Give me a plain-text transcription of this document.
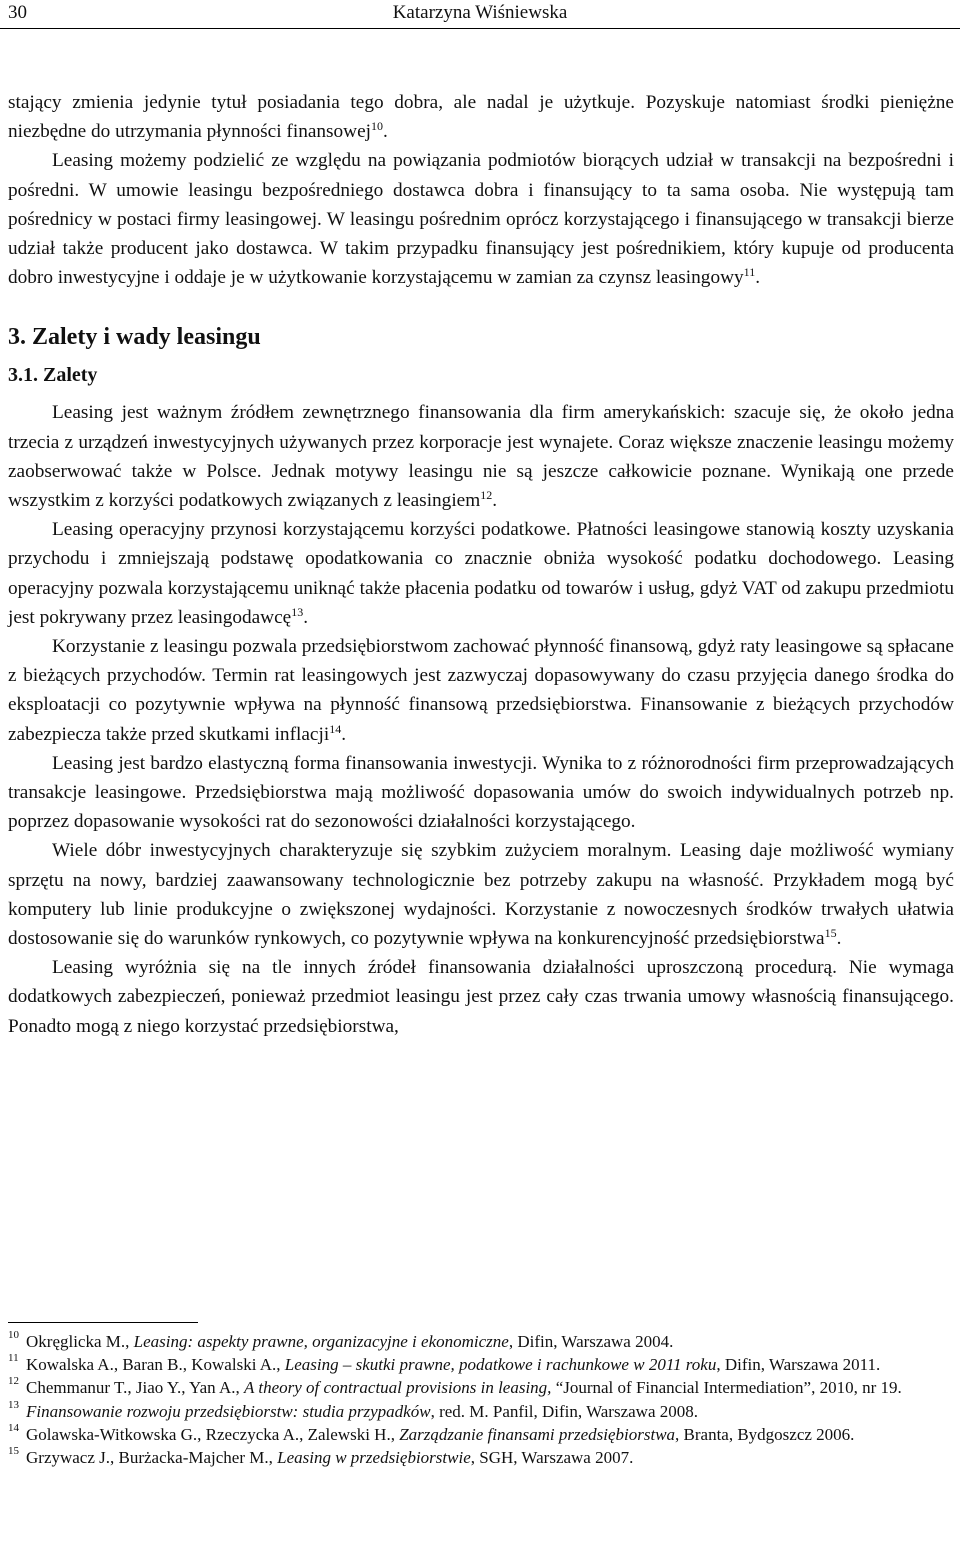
30	Katarzyna Wiśniewska

stający zmienia jedynie tytuł posiadania tego dobra, ale nadal je użytkuje. Pozyskuje natomiast środki pieniężne niezbędne do utrzymania płynności finansowej$^{10}$.

Leasing możemy podzielić ze względu na powiązania podmiotów biorących udział w transakcji na bezpośredni i pośredni. W umowie leasingu bezpośredniego dostawca dobra i finansujący to ta sama osoba. Nie występują tam pośrednicy w postaci firmy leasingowej. W leasingu pośrednim oprócz korzystającego i finansującego w transakcji bierze udział także producent jako dostawca. W takim przypadku finansujący jest pośrednikiem, który kupuje od producenta dobro inwestycyjne i oddaje je w użytkowanie korzystającemu w zamian za czynsz leasingowy$^{11}$.

3. Zalety i wady leasingu
3.1. Zalety

Leasing jest ważnym źródłem zewnętrznego finansowania dla firm amerykańskich: szacuje się, że około jedna trzecia z urządzeń inwestycyjnych używanych przez korporacje jest wynajete. Coraz większe znaczenie leasingu możemy zaobserwować także w Polsce. Jednak motywy leasingu nie są jeszcze całkowicie poznane. Wynikają one przede wszystkim z korzyści podatkowych związanych z leasingiem$^{12}$.

Leasing operacyjny przynosi korzystającemu korzyści podatkowe. Płatności leasingowe stanowią koszty uzyskania przychodu i zmniejszają podstawę opodatkowania co znacznie obniża wysokość podatku dochodowego. Leasing operacyjny pozwala korzystającemu uniknąć także płacenia podatku od towarów i usług, gdyż VAT od zakupu przedmiotu jest pokrywany przez leasingodawcę$^{13}$.

Korzystanie z leasingu pozwala przedsiębiorstwom zachować płynność finansową, gdyż raty leasingowe są spłacane z bieżących przychodów. Termin rat leasingowych jest zazwyczaj dopasowywany do czasu przyjęcia danego środka do eksploatacji co pozytywnie wpływa na płynność finansową przedsiębiorstwa. Finansowanie z bieżących przychodów zabezpiecza także przed skutkami inflacji$^{14}$.

Leasing jest bardzo elastyczną forma finansowania inwestycji. Wynika to z różnorodności firm przeprowadzających transakcje leasingowe. Przedsiębiorstwa mają możliwość dopasowania umów do swoich indywidualnych potrzeb np. poprzez dopasowanie wysokości rat do sezonowości działalności korzystającego.

Wiele dóbr inwestycyjnych charakteryzuje się szybkim zużyciem moralnym. Leasing daje możliwość wymiany sprzętu na nowy, bardziej zaawansowany technologicznie bez potrzeby zakupu na własność. Przykładem mogą być komputery lub linie produkcyjne o zwiększonej wydajności. Korzystanie z nowoczesnych środków trwałych ułatwia dostosowanie się do warunków rynkowych, co pozytywnie wpływa na konkurencyjność przedsiębiorstwa$^{15}$.

Leasing wyróżnia się na tle innych źródeł finansowania działalności uproszczoną procedurą. Nie wymaga dodatkowych zabezpieczeń, ponieważ przedmiot leasingu jest przez cały czas trwania umowy własnością finansującego. Ponadto mogą z niego korzystać przedsiębiorstwa,

10 Okręglicka M., Leasing: aspekty prawne, organizacyjne i ekonomiczne, Difin, Warszawa 2004.
11 Kowalska A., Baran B., Kowalski A., Leasing – skutki prawne, podatkowe i rachunkowe w 2011 roku, Difin, Warszawa 2011.
12 Chemmanur T., Jiao Y., Yan A., A theory of contractual provisions in leasing, “Journal of Financial Intermediation”, 2010, nr 19.
13 Finansowanie rozwoju przedsiębiorstw: studia przypadków, red. M. Panfil, Difin, Warszawa 2008.
14 Golawska-Witkowska G., Rzeczycka A., Zalewski H., Zarządzanie finansami przedsiębiorstwa, Branta, Bydgoszcz 2006.
15 Grzywacz J., Burżacka-Majcher M., Leasing w przedsiębiorstwie, SGH, Warszawa 2007.
